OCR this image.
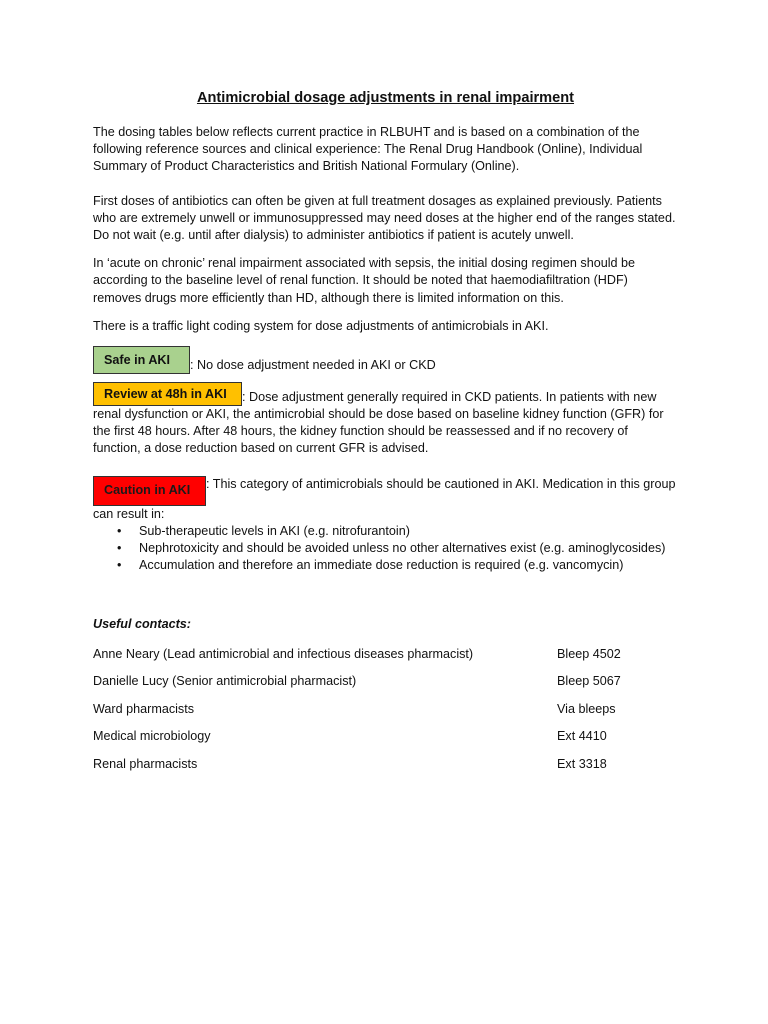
Antimicrobial dosage adjustments in renal impairment

The dosing tables below reflects current practice in RLBUHT and is based on a combination of the following reference sources and clinical experience: The Renal Drug Handbook (Online), Individual Summary of Product Characteristics and British National Formulary (Online).

First doses of antibiotics can often be given at full treatment dosages as explained previously. Patients who are extremely unwell or immunosuppressed may need doses at the higher end of the ranges stated. Do not wait (e.g. until after dialysis) to administer antibiotics if patient is acutely unwell.

In ‘acute on chronic’ renal impairment associated with sepsis, the initial dosing regimen should be according to the baseline level of renal function. It should be noted that haemodiafiltration (HDF) removes drugs more efficiently than HD, although there is limited information on this.

There is a traffic light coding system for dose adjustments of antimicrobials in AKI.

Safe in AKI : No dose adjustment needed in AKI or CKD
Review at 48h in AKI : Dose adjustment generally required in CKD patients. In patients with new renal dysfunction or AKI, the antimicrobial should be dose based on baseline kidney function (GFR) for the first 48 hours. After 48 hours, the kidney function should be reassessed and if no recovery of function, a dose reduction based on current GFR is advised.
Caution in AKI : This category of antimicrobials should be cautioned in AKI. Medication in this group can result in:
• Sub-therapeutic levels in AKI (e.g. nitrofurantoin)
• Nephrotoxicity and should be avoided unless no other alternatives exist (e.g. aminoglycosides)
• Accumulation and therefore an immediate dose reduction is required (e.g. vancomycin)
Useful contacts:
Anne Neary (Lead antimicrobial and infectious diseases pharmacist)	Bleep 4502
Danielle Lucy (Senior antimicrobial pharmacist)	Bleep 5067
Ward pharmacists	Via bleeps
Medical microbiology	Ext 4410
Renal pharmacists	Ext 3318
